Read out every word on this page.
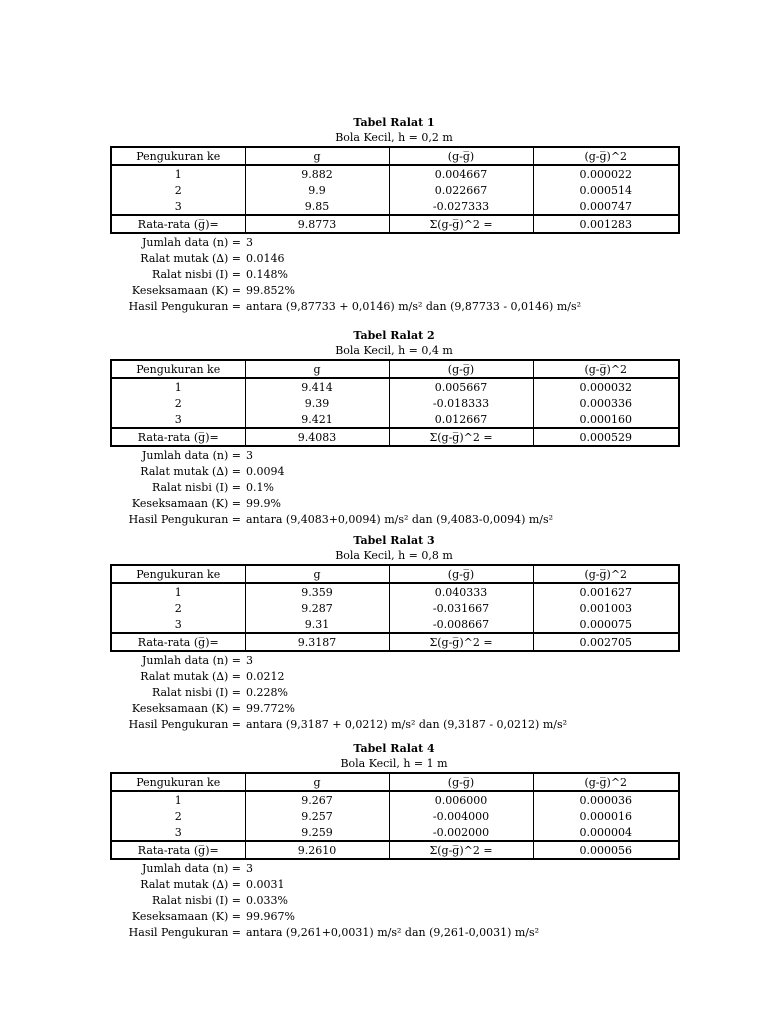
Tabel Ralat 1
Bola Kecil, h = 0,2 m
Pengukuran ke	g	(g-g̅)	(g-g̅)^2
1	9.882	0.004667	0.000022
2	9.9	0.022667	0.000514
3	9.85	-0.027333	0.000747
Rata-rata (g̅)=	9.8773	Σ(g-g̅)^2 =	0.001283
Jumlah data (n) = 3
Ralat mutak (∆) = 0.0146
Ralat nisbi (I) = 0.148%
Keseksamaan (K) = 99.852%
Hasil Pengukuran = antara (9,87733 + 0,0146) m/s² dan (9,87733 - 0,0146) m/s²
Tabel Ralat 2
Bola Kecil, h = 0,4 m
Pengukuran ke	g	(g-g̅)	(g-g̅)^2
1	9.414	0.005667	0.000032
2	9.39	-0.018333	0.000336
3	9.421	0.012667	0.000160
Rata-rata (g̅)=	9.4083	Σ(g-g̅)^2 =	0.000529
Jumlah data (n) = 3
Ralat mutak (∆) = 0.0094
Ralat nisbi (I) = 0.1%
Keseksamaan (K) = 99.9%
Hasil Pengukuran = antara (9,4083+0,0094) m/s² dan (9,4083-0,0094) m/s²
Tabel Ralat 3
Bola Kecil, h = 0,8 m
Pengukuran ke	g	(g-g̅)	(g-g̅)^2
1	9.359	0.040333	0.001627
2	9.287	-0.031667	0.001003
3	9.31	-0.008667	0.000075
Rata-rata (g̅)=	9.3187	Σ(g-g̅)^2 =	0.002705
Jumlah data (n) = 3
Ralat mutak (∆) = 0.0212
Ralat nisbi (I) = 0.228%
Keseksamaan (K) = 99.772%
Hasil Pengukuran = antara (9,3187 + 0,0212) m/s² dan (9,3187 - 0,0212) m/s²
Tabel Ralat 4
Bola Kecil, h = 1 m
Pengukuran ke	g	(g-g̅)	(g-g̅)^2
1	9.267	0.006000	0.000036
2	9.257	-0.004000	0.000016
3	9.259	-0.002000	0.000004
Rata-rata (g̅)=	9.2610	Σ(g-g̅)^2 =	0.000056
Jumlah data (n) = 3
Ralat mutak (∆) = 0.0031
Ralat nisbi (I) = 0.033%
Keseksamaan (K) = 99.967%
Hasil Pengukuran = antara (9,261+0,0031) m/s² dan (9,261-0,0031) m/s²
